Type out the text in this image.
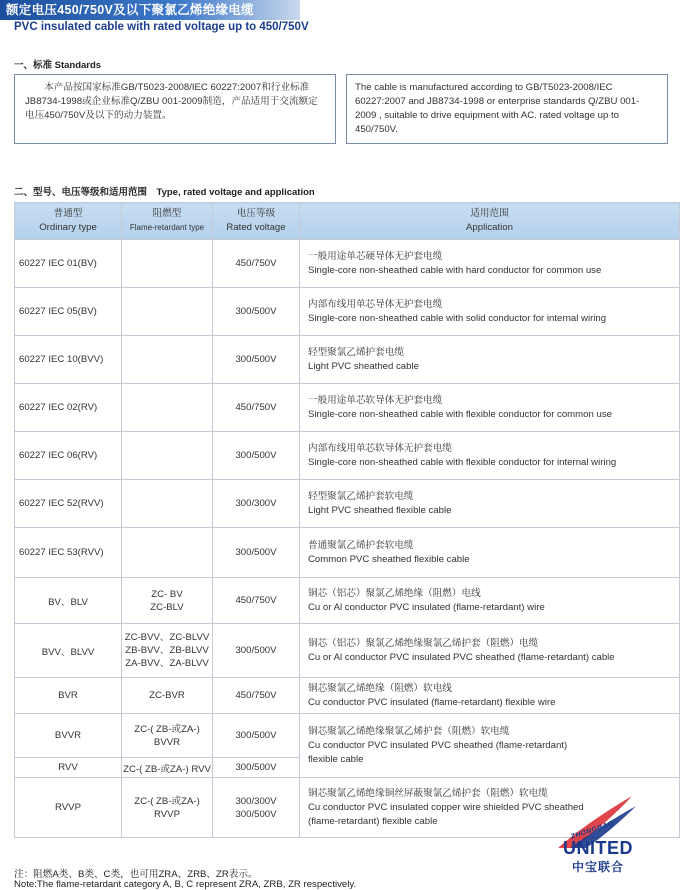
额定电压450/750V及以下聚氯乙烯绝缘电缆
PVC insulated cable with rated voltage up to 450/750V
一、标准 Standards
本产品按国家标准GB/T5023-2008/IEC 60227:2007和行业标准JB8734-1998或企业标准Q/ZBU 001-2009制造，产品适用于交流额定电压450/750V及以下的动力装置。
The cable is manufactured according to GB/T5023-2008/IEC 60227:2007 and JB8734-1998 or enterprise standards Q/ZBU 001-2009 , suitable to drive equipment with AC. rated voltage up to 450/750V.
二、型号、电压等级和适用范围　Type, rated voltage and application
普通型
Ordinary type	阻燃型
Flame-retardant type	电压等级
Rated voltage	适用范围
Application

60227 IEC 01(BV)		450/750V	一般用途单芯硬导体无护套电缆
Single-core non-sheathed cable with hard conductor for common use

60227 IEC 05(BV)		300/500V	内部布线用单芯导体无护套电缆
Single-core non-sheathed cable with solid conductor for internal wiring

60227 IEC 10(BVV)		300/500V	轻型聚氯乙烯护套电缆
Light PVC sheathed cable

60227 IEC 02(RV)		450/750V	一般用途单芯软导体无护套电缆
Single-core non-sheathed cable with flexible conductor for common use

60227 IEC 06(RV)		300/500V	内部布线用单芯软导体无护套电缆
Single-core non-sheathed cable with flexible conductor for internal wiring

60227 IEC 52(RVV)		300/300V	轻型聚氯乙烯护套软电缆
Light PVC sheathed flexible cable

60227 IEC 53(RVV)		300/500V	普通聚氯乙烯护套软电缆
Common PVC sheathed flexible cable

BV、BLV	ZC- BV
ZC-BLV	450/750V	铜芯（铝芯）聚氯乙烯绝缘（阻燃）电线
Cu or Al conductor PVC insulated (flame-retardant) wire

BVV、BLVV	ZC-BVV、ZC-BLVV
ZB-BVV、ZB-BLVV
ZA-BVV、ZA-BLVV	300/500V	铜芯（铝芯）聚氯乙烯绝缘聚氯乙烯护套（阻燃）电缆
Cu or Al conductor PVC insulated PVC sheathed (flame-retardant) cable

BVR	ZC-BVR	450/750V	铜芯聚氯乙烯绝缘（阻燃）软电线
Cu conductor PVC insulated (flame-retardant) flexible wire

BVVR	ZC-( ZB-或ZA-)
BVVR	300/500V	铜芯聚氯乙烯绝缘聚氯乙烯护套（阻燃）软电缆
Cu conductor PVC insulated PVC sheathed (flame-retardant)
flexible cable

RVV	ZC-( ZB-或ZA-) RVV	300/500V	
RVVP	ZC-( ZB-或ZA-)
RVVP	300/300V
300/500V	铜芯聚氯乙烯绝缘铜丝屏蔽聚氯乙烯护套（阻燃）软电缆
Cu conductor PVC insulated copper wire shielded PVC sheathed
(flame-retardant) flexible cable
注：阻燃A类、B类、C类，也可用ZRA、ZRB、ZR表示。
Note:The flame-retardant category A, B, C represent ZRA, ZRB, ZR respectively.
ZHONGBAO
UNITED
中宝联合
